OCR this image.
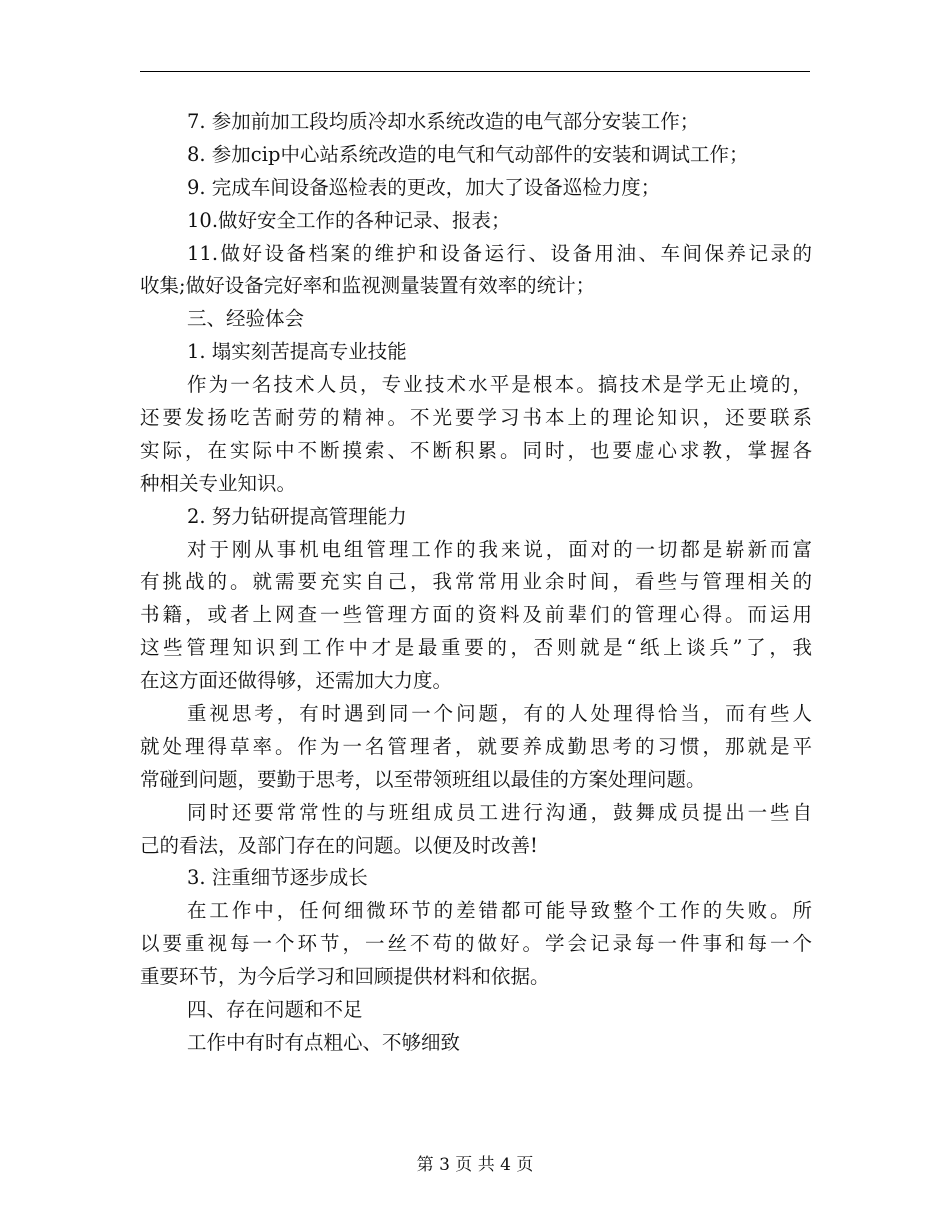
7. 参加前加工段均质冷却水系统改造的电气部分安装工作；
8. 参加cip中心站系统改造的电气和气动部件的安装和调试工作；
9. 完成车间设备巡检表的更改，加大了设备巡检力度；
10.做好安全工作的各种记录、报表；
11.做好设备档案的维护和设备运行、设备用油、车间保养记录的
收集;做好设备完好率和监视测量装置有效率的统计；
三、经验体会
1. 塌实刻苦提高专业技能
作为一名技术人员，专业技术水平是根本。搞技术是学无止境的，
还要发扬吃苦耐劳的精神。不光要学习书本上的理论知识，还要联系
实际，在实际中不断摸索、不断积累。同时，也要虚心求教，掌握各
种相关专业知识。
2. 努力钻研提高管理能力
对于刚从事机电组管理工作的我来说，面对的一切都是崭新而富
有挑战的。就需要充实自己，我常常用业余时间，看些与管理相关的
书籍，或者上网查一些管理方面的资料及前辈们的管理心得。而运用
这些管理知识到工作中才是最重要的，否则就是“纸上谈兵”了，我
在这方面还做得够，还需加大力度。
重视思考，有时遇到同一个问题，有的人处理得恰当，而有些人
就处理得草率。作为一名管理者，就要养成勤思考的习惯，那就是平
常碰到问题，要勤于思考，以至带领班组以最佳的方案处理问题。
同时还要常常性的与班组成员工进行沟通，鼓舞成员提出一些自
己的看法，及部门存在的问题。以便及时改善!
3. 注重细节逐步成长
在工作中，任何细微环节的差错都可能导致整个工作的失败。所
以要重视每一个环节，一丝不苟的做好。学会记录每一件事和每一个
重要环节，为今后学习和回顾提供材料和依据。
四、存在问题和不足
工作中有时有点粗心、不够细致
第 3 页 共 4 页
